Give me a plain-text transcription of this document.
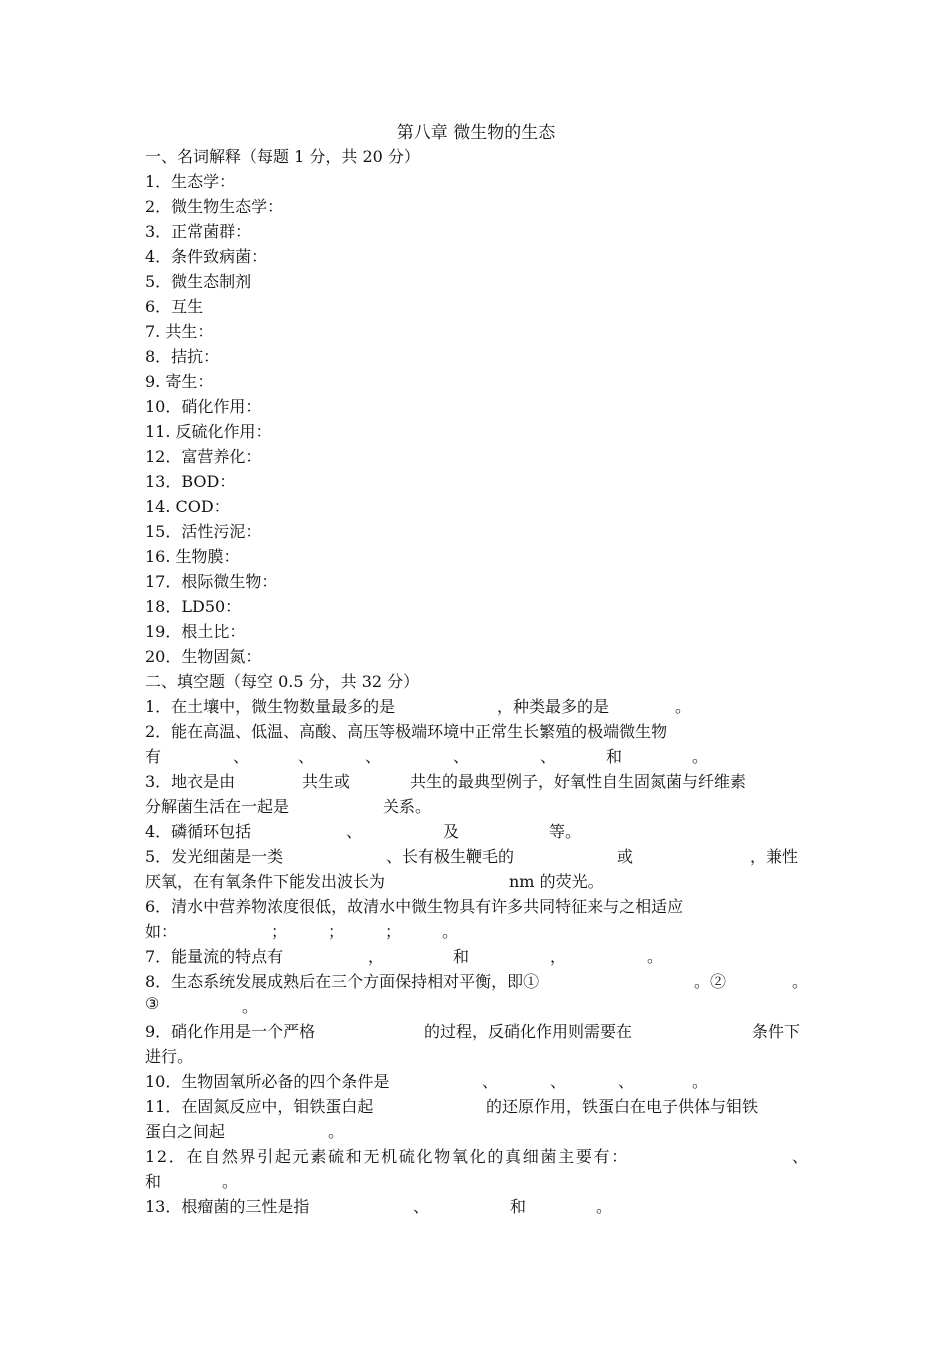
第八章 微生物的生态
一、名词解释（每题 1 分，共 20 分）
1．生态学：
2．微生物生态学：
3．正常菌群：
4．条件致病菌：
5．微生态制剂
6．互生
7. 共生：
8．拮抗：
9. 寄生：
10．硝化作用：
11. 反硫化作用：
12．富营养化：
13．BOD：
14. COD：
15．活性污泥：
16. 生物膜：
17．根际微生物：
18．LD50：
19．根土比：
20．生物固氮：
二、填空题（每空 0.5 分，共 32 分）
1．在土壤中，微生物数量最多的是	，种类最多的是	。
2．能在高温、低温、高酸、高压等极端环境中正常生长繁殖的极端微生物
有	、	、	、	、	、	和	。
3．地衣是由	共生或	共生的最典型例子，好氧性自生固氮菌与纤维素
分解菌生活在一起是	关系。
4．磷循环包括	、	及	等。
5．发光细菌是一类	、长有极生鞭毛的	或	，兼性
厌氧，在有氧条件下能发出波长为	nm 的荧光。
6．清水中营养物浓度很低，故清水中微生物具有许多共同特征来与之相适应
如：	；	；	；	。
7．能量流的特点有	，	和	，	。
8．生态系统发展成熟后在三个方面保持相对平衡，即①	。②	。
③	。
9．硝化作用是一个严格	的过程，反硝化作用则需要在	条件下
进行。
10．生物固氧所必备的四个条件是	、	、	、	。
11．在固氮反应中，钼铁蛋白起	的还原作用，铁蛋白在电子供体与钼铁
蛋白之间起	。
12．在自然界引起元素硫和无机硫化物氧化的真细菌主要有：	、
和	。
13．根瘤菌的三性是指	、	和	。
